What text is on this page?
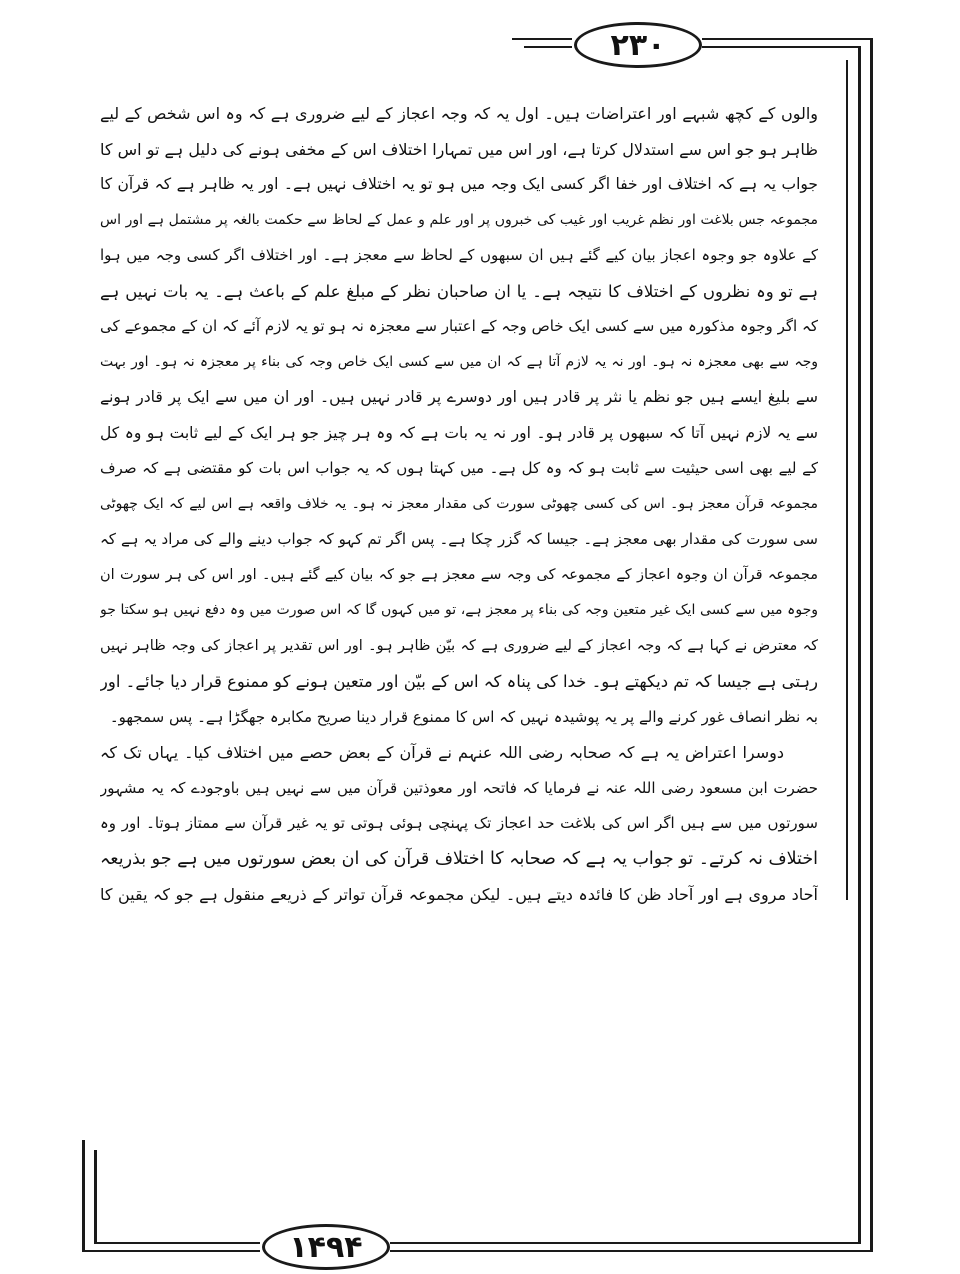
۲۳۰
۱۴۹۴
والوں کے کچھ شبہے اور اعتراضات ہیں۔ اول یہ کہ وجہ اعجاز کے لیے ضروری ہے کہ وہ اس شخص کے لیے
ظاہر ہو جو اس سے استدلال کرتا ہے، اور اس میں تمہارا اختلاف اس کے مخفی ہونے کی دلیل ہے تو اس کا
جواب یہ ہے کہ اختلاف اور خفا اگر کسی ایک وجہ میں ہو تو یہ اختلاف نہیں ہے۔ اور یہ ظاہر ہے کہ قرآن کا
مجموعہ جس بلاغت اور نظم غریب اور غیب کی خبروں پر اور علم و عمل کے لحاظ سے حکمت بالغہ پر مشتمل ہے اور اس
کے علاوہ جو وجوہ اعجاز بیان کیے گئے ہیں ان سبھوں کے لحاظ سے معجز ہے۔ اور اختلاف اگر کسی وجہ میں ہوا
ہے تو وہ نظروں کے اختلاف کا نتیجہ ہے۔ یا ان صاحبان نظر کے مبلغ علم کے باعث ہے۔ یہ بات نہیں ہے
کہ اگر وجوہ مذکورہ میں سے کسی ایک خاص وجہ کے اعتبار سے معجزہ نہ ہو تو یہ لازم آئے کہ ان کے مجموعے کی
وجہ سے بھی معجزہ نہ ہو۔ اور نہ یہ لازم آتا ہے کہ ان میں سے کسی ایک خاص وجہ کی بناء پر معجزہ نہ ہو۔ اور بہت
سے بلیغ ایسے ہیں جو نظم یا نثر پر قادر ہیں اور دوسرے پر قادر نہیں ہیں۔ اور ان میں سے ایک پر قادر ہونے
سے یہ لازم نہیں آتا کہ سبھوں پر قادر ہو۔ اور نہ یہ بات ہے کہ وہ ہر چیز جو ہر ایک کے لیے ثابت ہو وہ کل
کے لیے بھی اسی حیثیت سے ثابت ہو کہ وہ کل ہے۔ میں کہتا ہوں کہ یہ جواب اس بات کو مقتضی ہے کہ صرف
مجموعہ قرآن معجز ہو۔ اس کی کسی چھوٹی سورت کی مقدار معجز نہ ہو۔ یہ خلاف واقعہ ہے اس لیے کہ ایک چھوٹی
سی سورت کی مقدار بھی معجز ہے۔ جیسا کہ گزر چکا ہے۔ پس اگر تم کہو کہ جواب دینے والے کی مراد یہ ہے کہ
مجموعہ قرآن ان وجوہ اعجاز کے مجموعہ کی وجہ سے معجز ہے جو کہ بیان کیے گئے ہیں۔ اور اس کی ہر سورت ان
وجوہ میں سے کسی ایک غیر متعین وجہ کی بناء پر معجز ہے، تو میں کہوں گا کہ اس صورت میں وہ دفع نہیں ہو سکتا جو
کہ معترض نے کہا ہے کہ وجہ اعجاز کے لیے ضروری ہے کہ بیّن ظاہر ہو۔ اور اس تقدیر پر اعجاز کی وجہ ظاہر نہیں
رہتی ہے جیسا کہ تم دیکھتے ہو۔ خدا کی پناہ کہ اس کے بیّن اور متعین ہونے کو ممنوع قرار دیا جائے۔ اور
بہ نظر انصاف غور کرنے والے پر یہ پوشیدہ نہیں کہ اس کا ممنوع قرار دینا صریح مکابرہ جھگڑا ہے۔ پس سمجھو۔
دوسرا اعتراض یہ ہے کہ صحابہ رضی اللہ عنہم نے قرآن کے بعض حصے میں اختلاف کیا۔ یہاں تک کہ
حضرت ابن مسعود رضی اللہ عنہ نے فرمایا کہ فاتحہ اور معوذتین قرآن میں سے نہیں ہیں باوجودے کہ یہ مشہور
سورتوں میں سے ہیں اگر اس کی بلاغت حد اعجاز تک پہنچی ہوئی ہوتی تو یہ غیر قرآن سے ممتاز ہوتا۔ اور وہ
اختلاف نہ کرتے۔ تو جواب یہ ہے کہ صحابہ کا اختلاف قرآن کی ان بعض سورتوں میں ہے جو بذریعہ
آحاد مروی ہے اور آحاد ظن کا فائدہ دیتے ہیں۔ لیکن مجموعہ قرآن تواتر کے ذریعے منقول ہے جو کہ یقین کا
